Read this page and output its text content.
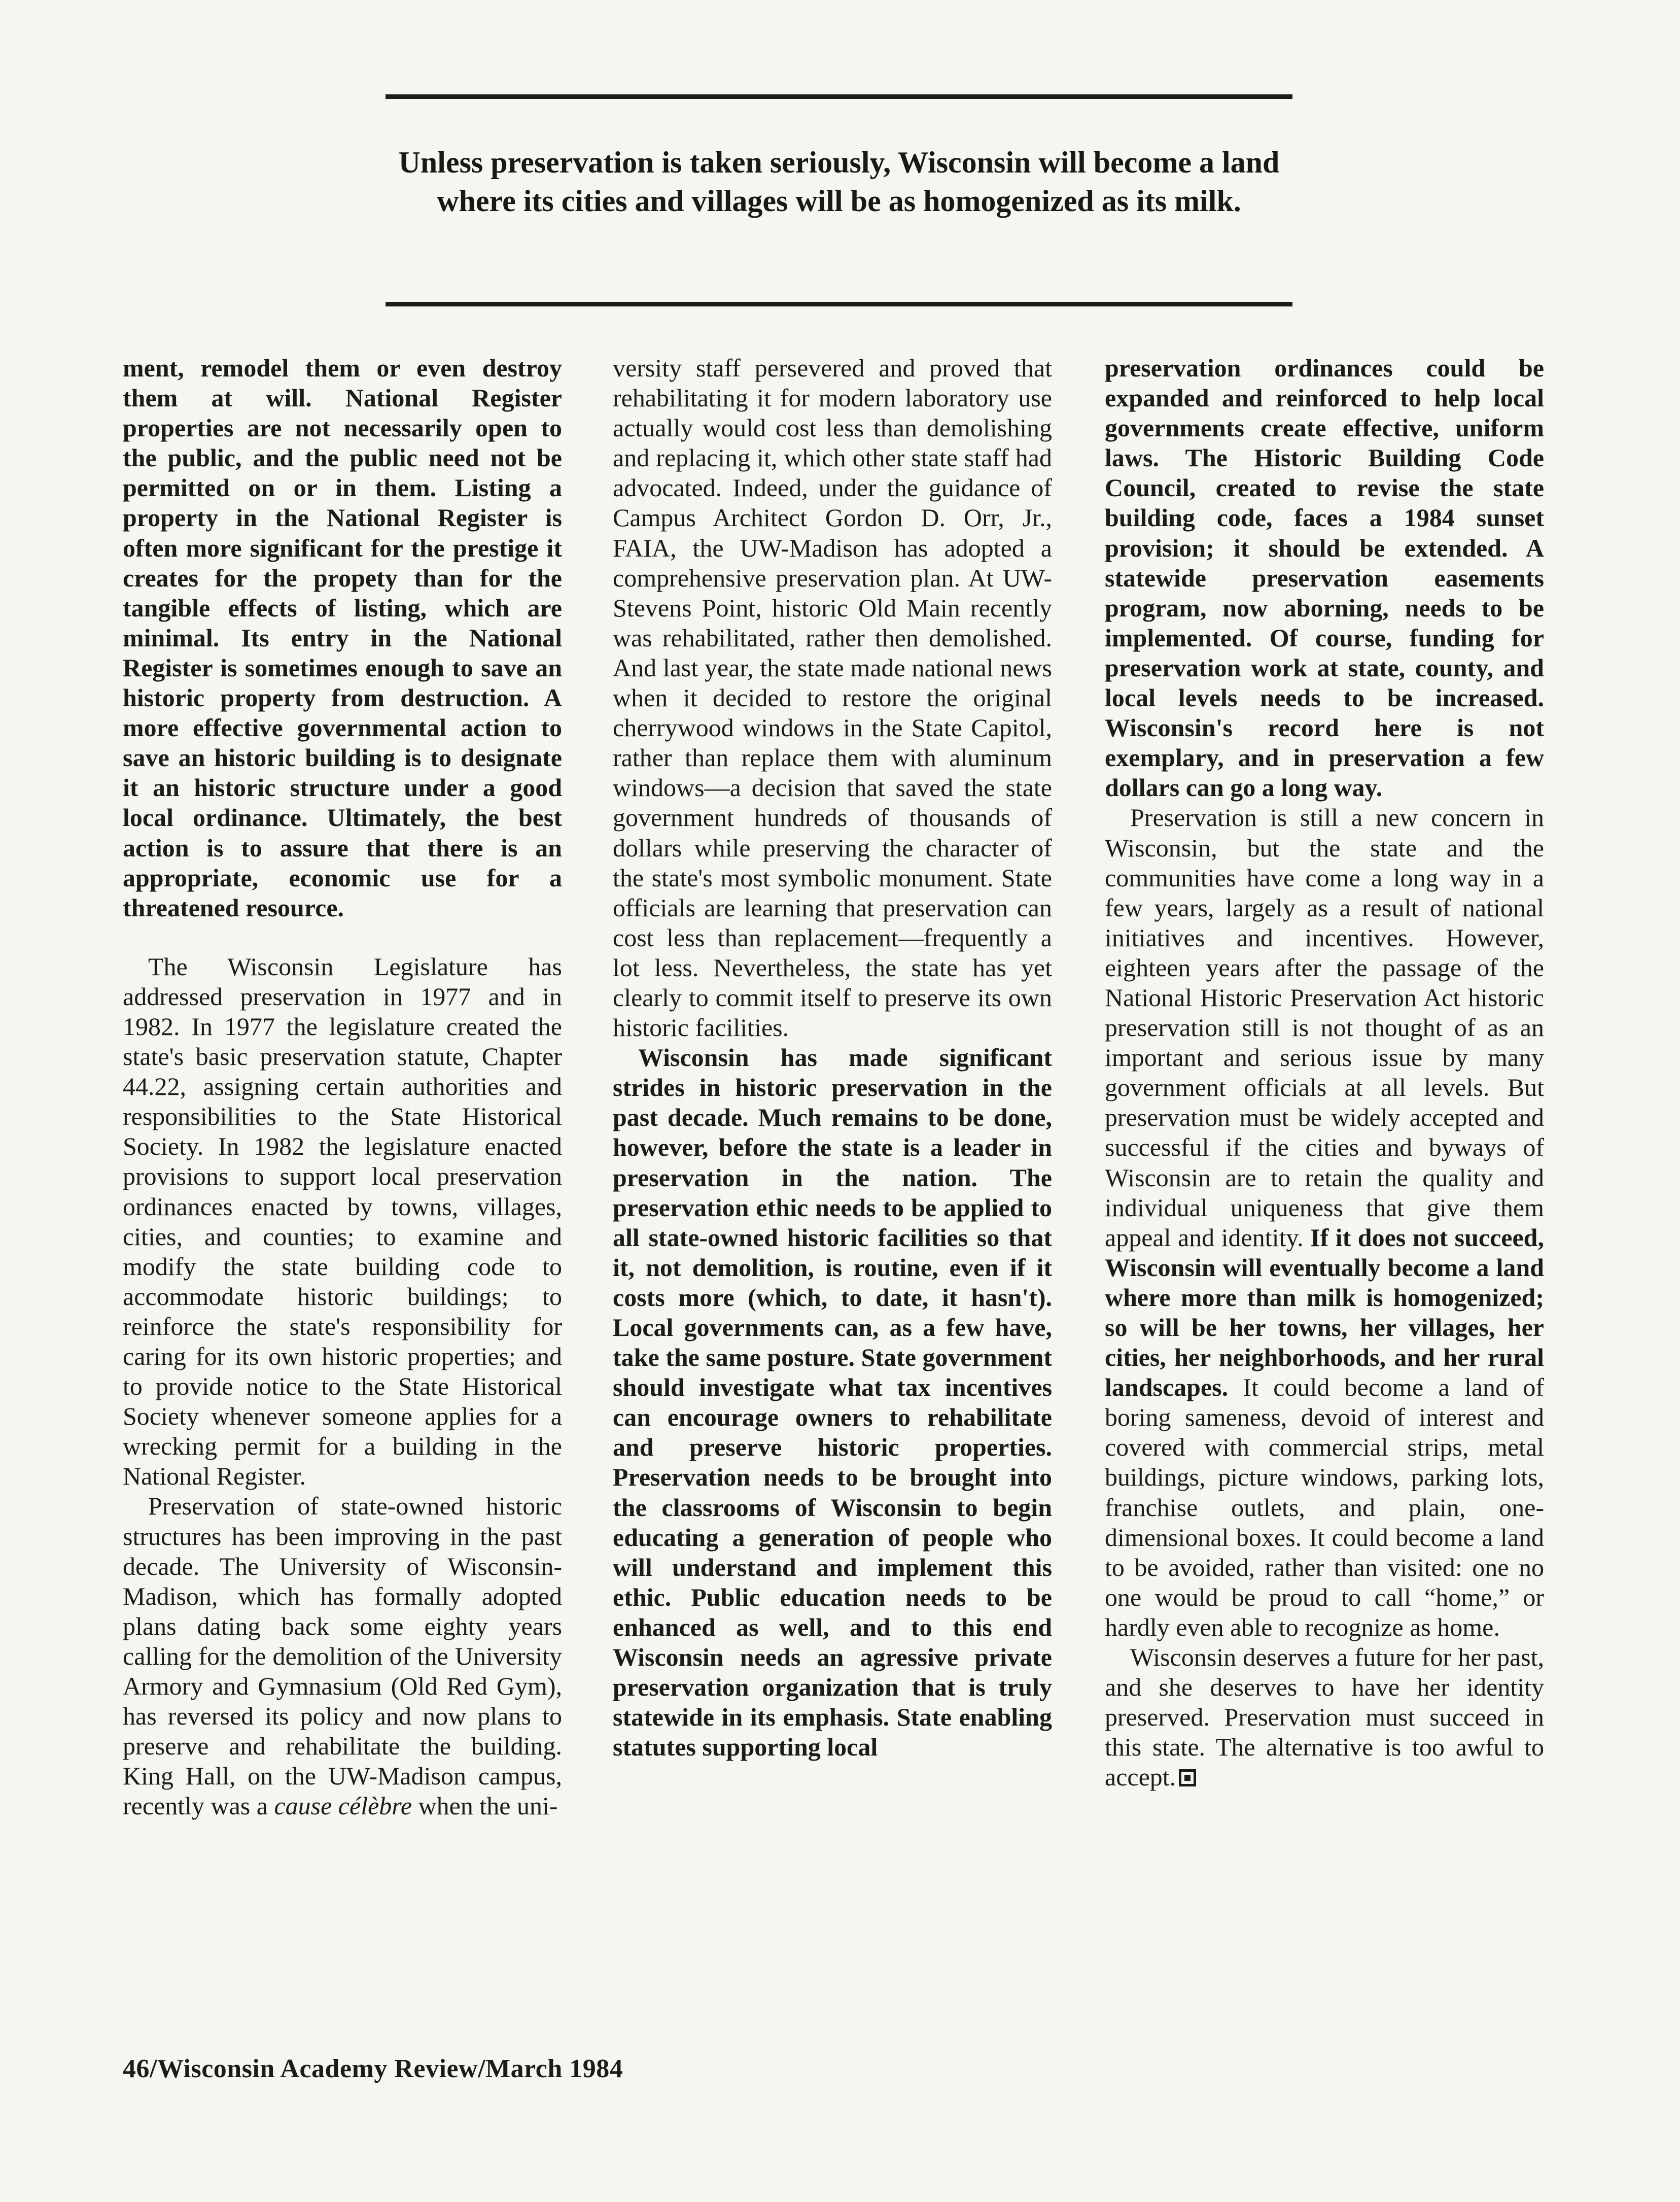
Unless preservation is taken seriously, Wisconsin will become a land where its cities and villages will be as homogenized as its milk.

ment, remodel them or even destroy them at will. National Register properties are not necessarily open to the public, and the public need not be permitted on or in them. Listing a property in the National Register is often more significant for the prestige it creates for the propety than for the tangible effects of listing, which are minimal. Its entry in the National Register is sometimes enough to save an historic property from destruction. A more effective governmental action to save an historic building is to designate it an historic structure under a good local ordinance. Ultimately, the best action is to assure that there is an appropriate, economic use for a threatened resource.

The Wisconsin Legislature has addressed preservation in 1977 and in 1982. In 1977 the legislature created the state's basic preservation statute, Chapter 44.22, assigning certain authorities and responsibilities to the State Historical Society. In 1982 the legislature enacted provisions to support local preservation ordinances enacted by towns, villages, cities, and counties; to examine and modify the state building code to accommodate historic buildings; to reinforce the state's responsibility for caring for its own historic properties; and to provide notice to the State Historical Society whenever someone applies for a wrecking permit for a building in the National Register.

Preservation of state-owned historic structures has been improving in the past decade. The University of Wisconsin-Madison, which has formally adopted plans dating back some eighty years calling for the demolition of the University Armory and Gymnasium (Old Red Gym), has reversed its policy and now plans to preserve and rehabilitate the building. King Hall, on the UW-Madison campus, recently was a cause célèbre when the uni-

versity staff persevered and proved that rehabilitating it for modern laboratory use actually would cost less than demolishing and replacing it, which other state staff had advocated. Indeed, under the guidance of Campus Architect Gordon D. Orr, Jr., FAIA, the UW-Madison has adopted a comprehensive preservation plan. At UW-Stevens Point, historic Old Main recently was rehabilitated, rather then demolished. And last year, the state made national news when it decided to restore the original cherrywood windows in the State Capitol, rather than replace them with aluminum windows—a decision that saved the state government hundreds of thousands of dollars while preserving the character of the state's most symbolic monument. State officials are learning that preservation can cost less than replacement—frequently a lot less. Nevertheless, the state has yet clearly to commit itself to preserve its own historic facilities.

Wisconsin has made significant strides in historic preservation in the past decade. Much remains to be done, however, before the state is a leader in preservation in the nation. The preservation ethic needs to be applied to all state-owned historic facilities so that it, not demolition, is routine, even if it costs more (which, to date, it hasn't). Local governments can, as a few have, take the same posture. State government should investigate what tax incentives can encourage owners to rehabilitate and preserve historic properties. Preservation needs to be brought into the classrooms of Wisconsin to begin educating a generation of people who will understand and implement this ethic. Public education needs to be enhanced as well, and to this end Wisconsin needs an agressive private preservation organization that is truly statewide in its emphasis. State enabling statutes supporting local

preservation ordinances could be expanded and reinforced to help local governments create effective, uniform laws. The Historic Building Code Council, created to revise the state building code, faces a 1984 sunset provision; it should be extended. A statewide preservation easements program, now aborning, needs to be implemented. Of course, funding for preservation work at state, county, and local levels needs to be increased. Wisconsin's record here is not exemplary, and in preservation a few dollars can go a long way.

Preservation is still a new concern in Wisconsin, but the state and the communities have come a long way in a few years, largely as a result of national initiatives and incentives. However, eighteen years after the passage of the National Historic Preservation Act historic preservation still is not thought of as an important and serious issue by many government officials at all levels. But preservation must be widely accepted and successful if the cities and byways of Wisconsin are to retain the quality and individual uniqueness that give them appeal and identity. If it does not succeed, Wisconsin will eventually become a land where more than milk is homogenized; so will be her towns, her villages, her cities, her neighborhoods, and her rural landscapes. It could become a land of boring sameness, devoid of interest and covered with commercial strips, metal buildings, picture windows, parking lots, franchise outlets, and plain, one-dimensional boxes. It could become a land to be avoided, rather than visited: one no one would be proud to call “home,” or hardly even able to recognize as home.

Wisconsin deserves a future for her past, and she deserves to have her identity preserved. Preservation must succeed in this state. The alternative is too awful to accept.

46/Wisconsin Academy Review/March 1984
